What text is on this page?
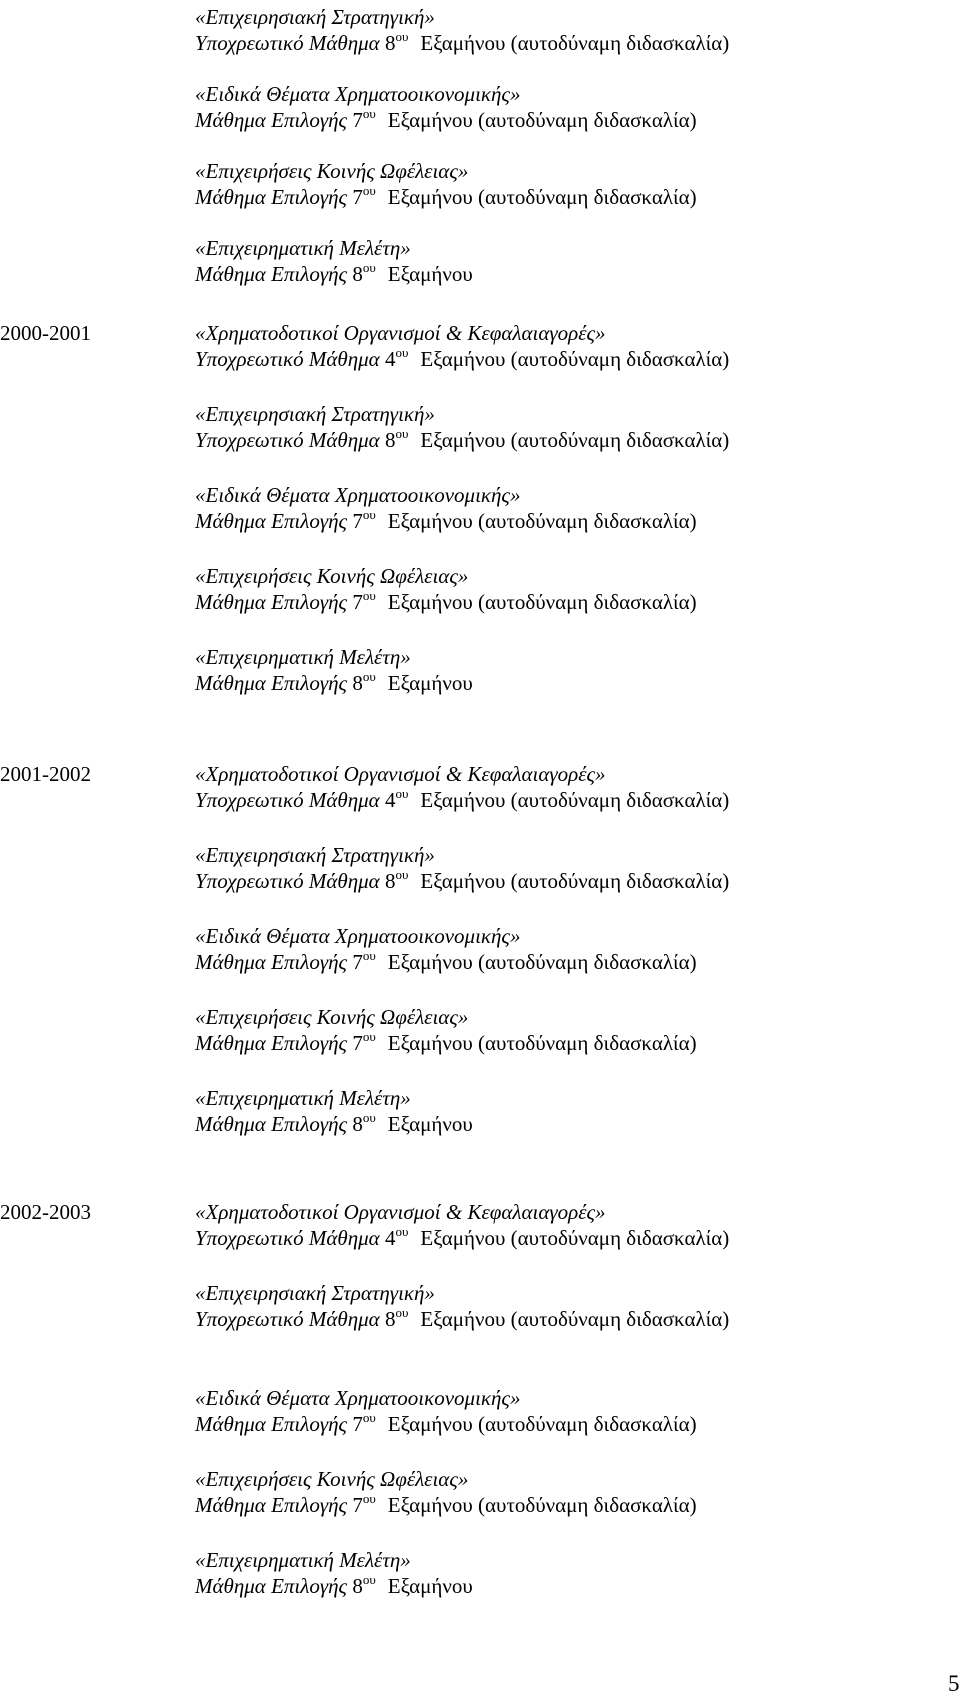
«Επιχειρησιακή Στρατηγική»
Υποχρεωτικό Μάθημα $8^{o\upsilon}$ Εξαμήνου (αυτοδύναμη διδασκαλία)
«Ειδικά Θέματα Χρηματοοικονομικής»
Μάθημα Επιλογής $7^{o\upsilon}$ Εξαμήνου (αυτοδύναμη διδασκαλία)
«Επιχειρήσεις Κοινής Ωφέλειας»
Μάθημα Επιλογής $7^{o\upsilon}$ Εξαμήνου (αυτοδύναμη διδασκαλία)
«Επιχειρηματική Μελέτη»
Μάθημα Επιλογής $8^{o\upsilon}$ Εξαμήνου
2000-2001	«Χρηματοδοτικοί Οργανισμοί & Κεφαλαιαγορές»
Υποχρεωτικό Μάθημα $4^{o\upsilon}$ Εξαμήνου (αυτοδύναμη διδασκαλία)
«Επιχειρησιακή Στρατηγική»
Υποχρεωτικό Μάθημα $8^{o\upsilon}$ Εξαμήνου (αυτοδύναμη διδασκαλία)
«Ειδικά Θέματα Χρηματοοικονομικής»
Μάθημα Επιλογής $7^{o\upsilon}$ Εξαμήνου (αυτοδύναμη διδασκαλία)
«Επιχειρήσεις Κοινής Ωφέλειας»
Μάθημα Επιλογής $7^{o\upsilon}$ Εξαμήνου (αυτοδύναμη διδασκαλία)
«Επιχειρηματική Μελέτη»
Μάθημα Επιλογής $8^{o\upsilon}$ Εξαμήνου
2001-2002	«Χρηματοδοτικοί Οργανισμοί & Κεφαλαιαγορές»
Υποχρεωτικό Μάθημα $4^{o\upsilon}$ Εξαμήνου (αυτοδύναμη διδασκαλία)
«Επιχειρησιακή Στρατηγική»
Υποχρεωτικό Μάθημα $8^{o\upsilon}$ Εξαμήνου (αυτοδύναμη διδασκαλία)
«Ειδικά Θέματα Χρηματοοικονομικής»
Μάθημα Επιλογής $7^{o\upsilon}$ Εξαμήνου (αυτοδύναμη διδασκαλία)
«Επιχειρήσεις Κοινής Ωφέλειας»
Μάθημα Επιλογής $7^{o\upsilon}$ Εξαμήνου (αυτοδύναμη διδασκαλία)
«Επιχειρηματική Μελέτη»
Μάθημα Επιλογής $8^{o\upsilon}$ Εξαμήνου
2002-2003	«Χρηματοδοτικοί Οργανισμοί & Κεφαλαιαγορές»
Υποχρεωτικό Μάθημα $4^{o\upsilon}$ Εξαμήνου (αυτοδύναμη διδασκαλία)
«Επιχειρησιακή Στρατηγική»
Υποχρεωτικό Μάθημα $8^{o\upsilon}$ Εξαμήνου (αυτοδύναμη διδασκαλία)
«Ειδικά Θέματα Χρηματοοικονομικής»
Μάθημα Επιλογής $7^{o\upsilon}$ Εξαμήνου (αυτοδύναμη διδασκαλία)
«Επιχειρήσεις Κοινής Ωφέλειας»
Μάθημα Επιλογής $7^{o\upsilon}$ Εξαμήνου (αυτοδύναμη διδασκαλία)
«Επιχειρηματική Μελέτη»
Μάθημα Επιλογής $8^{o\upsilon}$ Εξαμήνου
5
